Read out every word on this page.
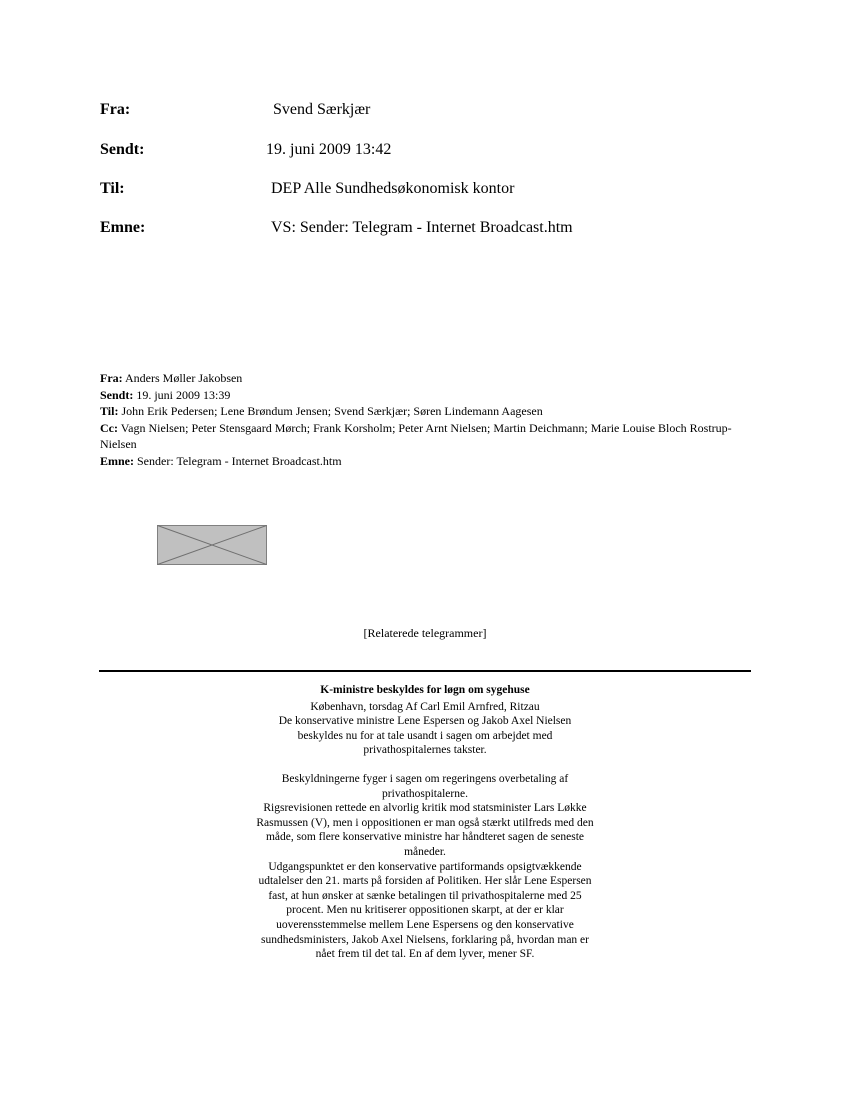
Fra:	Svend Særkjær
Sendt:	19. juni 2009 13:42
Til:	DEP Alle Sundhedsøkonomisk kontor
Emne:	VS: Sender: Telegram - Internet Broadcast.htm
Fra: Anders Møller Jakobsen
Sendt: 19. juni 2009 13:39
Til: John Erik Pedersen; Lene Brøndum Jensen; Svend Særkjær; Søren Lindemann Aagesen
Cc: Vagn Nielsen; Peter Stensgaard Mørch; Frank Korsholm; Peter Arnt Nielsen; Martin Deichmann; Marie Louise Bloch Rostrup-Nielsen
Emne: Sender: Telegram - Internet Broadcast.htm
[Relaterede telegrammer]
K-ministre beskyldes for løgn om sygehuse

København, torsdag Af Carl Emil Arnfred, Ritzau

De konservative ministre Lene Espersen og Jakob Axel Nielsen beskyldes nu for at tale usandt i sagen om arbejdet med privathospitalernes takster.

Beskyldningerne fyger i sagen om regeringens overbetaling af privathospitalerne.

Rigsrevisionen rettede en alvorlig kritik mod statsminister Lars Løkke Rasmussen (V), men i oppositionen er man også stærkt utilfreds med den måde, som flere konservative ministre har håndteret sagen de seneste måneder.

Udgangspunktet er den konservative partiformands opsigtvækkende udtalelser den 21. marts på forsiden af Politiken. Her slår Lene Espersen fast, at hun ønsker at sænke betalingen til privathospitalerne med 25 procent. Men nu kritiserer oppositionen skarpt, at der er klar uoverensstemmelse mellem Lene Espersens og den konservative sundhedsministers, Jakob Axel Nielsens, forklaring på, hvordan man er nået frem til det tal. En af dem lyver, mener SF.
